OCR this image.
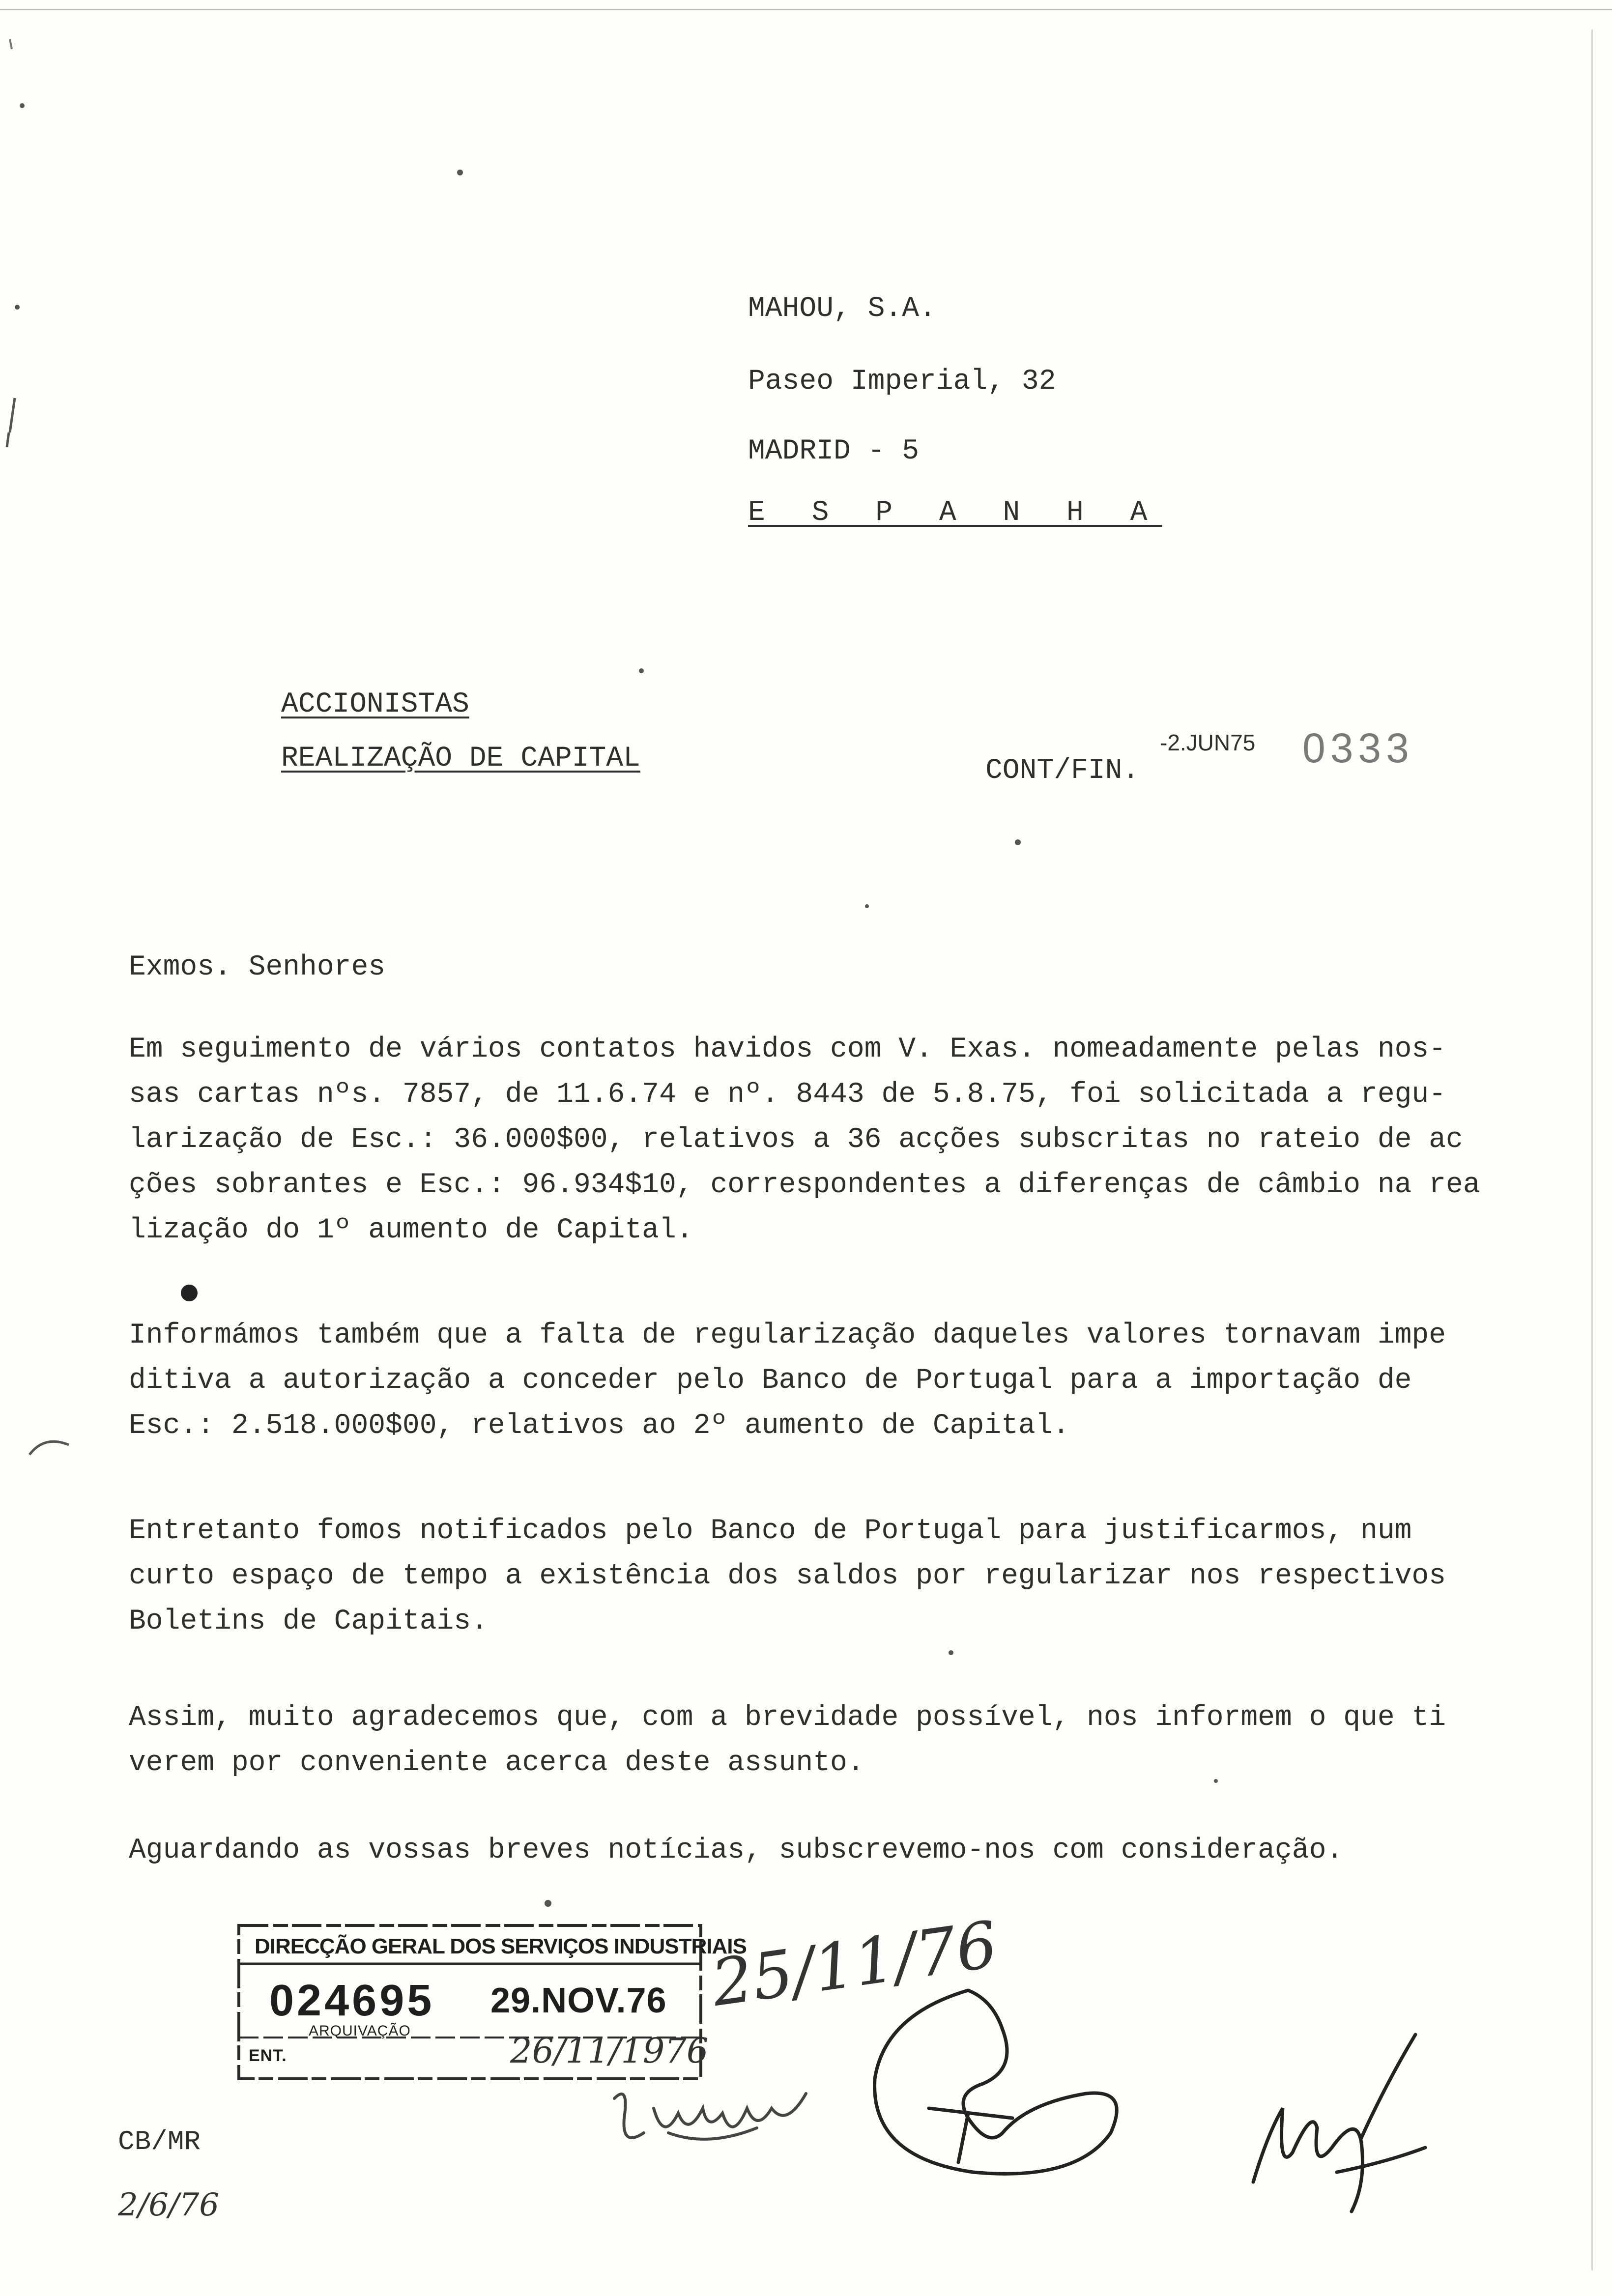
MAHOU, S.A.
Paseo Imperial, 32
MADRID - 5
E S P A N H A
ACCIONISTAS
REALIZAÇÃO DE CAPITAL	CONT/FIN.
-2.JUN75 0333
Exmos. Senhores
Em seguimento de vários contatos havidos com V. Exas. nomeadamente pelas nos-
sas cartas nºs. 7857, de 11.6.74 e nº. 8443 de 5.8.75, foi solicitada a regu-
larização de Esc.: 36.000$00, relativos a 36 acções subscritas no rateio de ac
ções sobrantes e Esc.: 96.934$10, correspondentes a diferenças de câmbio na rea
lização do 1º aumento de Capital.
Informámos também que a falta de regularização daqueles valores tornavam impe
ditiva a autorização a conceder pelo Banco de Portugal para a importação de
Esc.: 2.518.000$00, relativos ao 2º aumento de Capital.
Entretanto fomos notificados pelo Banco de Portugal para justificarmos, num
curto espaço de tempo a existência dos saldos por regularizar nos respectivos
Boletins de Capitais.
Assim, muito agradecemos que, com a brevidade possível, nos informem o que ti
verem por conveniente acerca deste assunto.
Aguardando as vossas breves notícias, subscrevemo-nos com consideração.
DIRECÇÃO GERAL DOS SERVIÇOS INDUSTRIAIS
024695 29.NOV.76
ENT.
ARQUIVAÇÃO	26/11/1976
25/11/76
CB/MR
2/6/76
